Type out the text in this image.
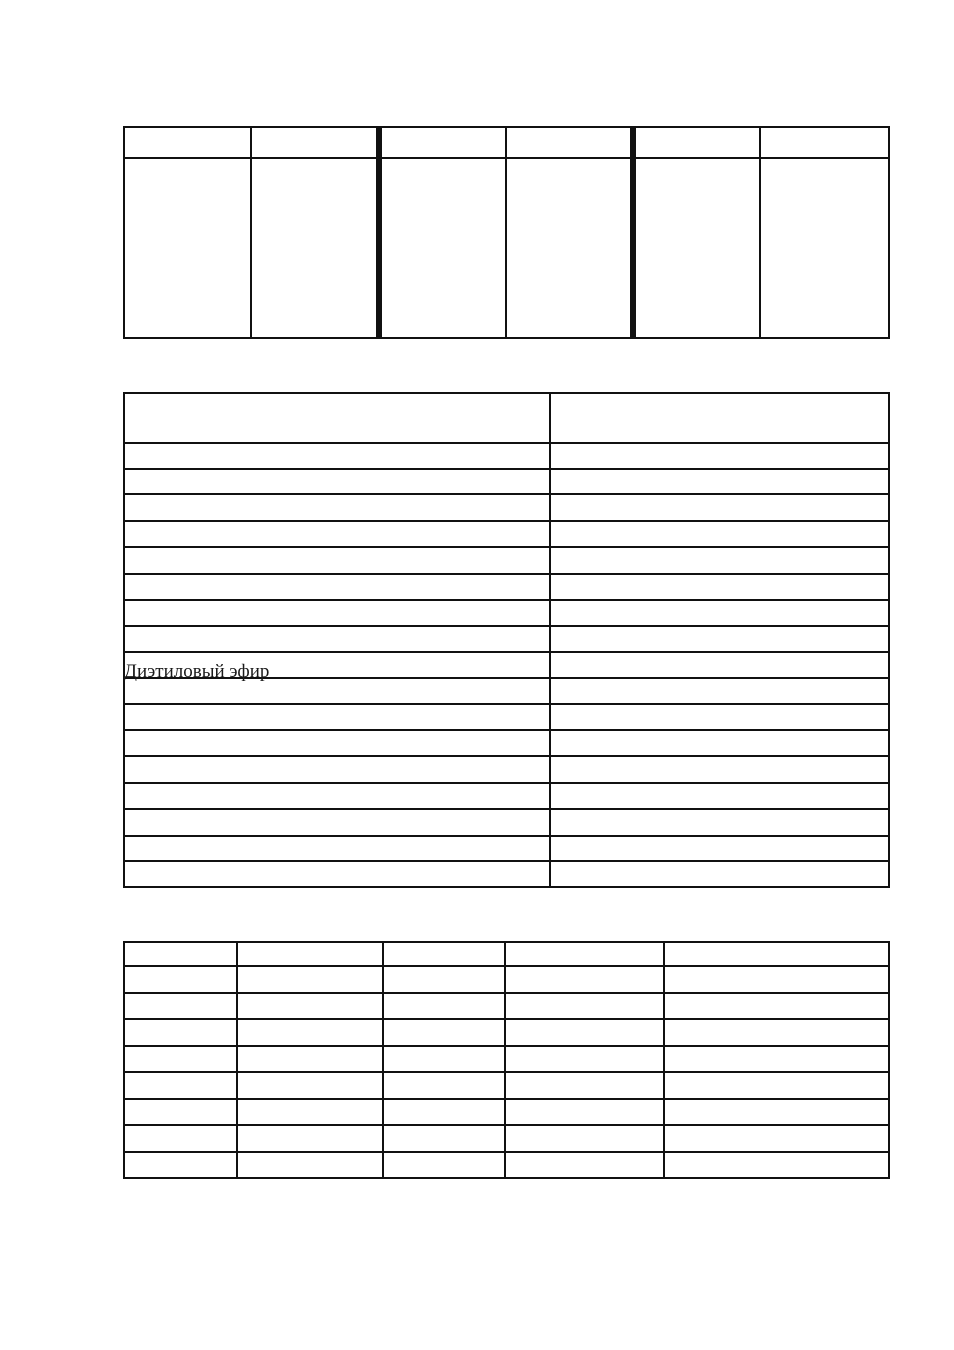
Диэтиловый эфир	
